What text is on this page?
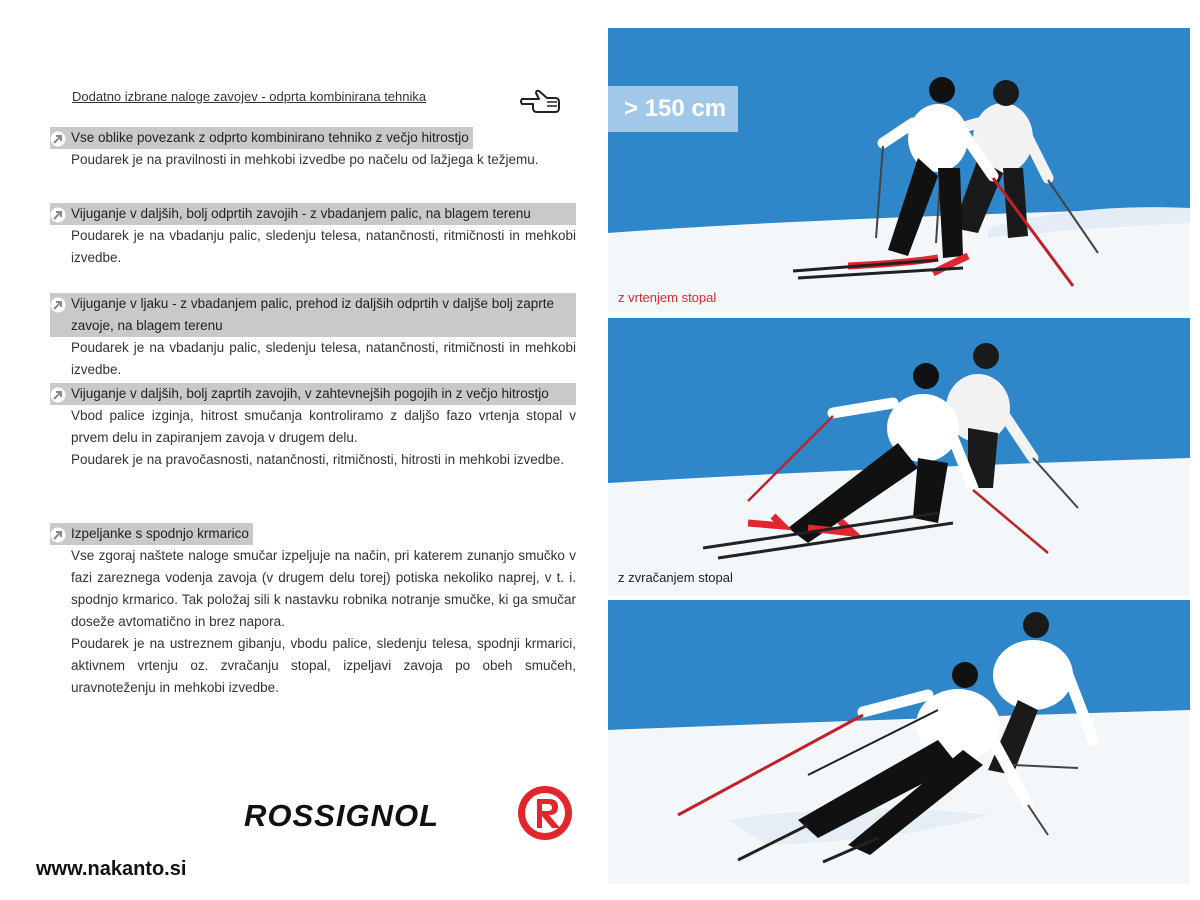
Dodatno izbrane naloge zavojev - odprta kombinirana tehnika
Vse oblike povezank z odprto kombinirano tehniko z večjo hitrostjo
Poudarek je na pravilnosti in mehkobi izvedbe po načelu od lažjega k težjemu.
Vijuganje v daljših, bolj odprtih zavojih - z vbadanjem palic, na blagem terenu
Poudarek je na vbadanju palic, sledenju telesa, natančnosti, ritmičnosti in mehkobi izvedbe.
Vijuganje v ljaku - z vbadanjem palic, prehod iz daljših odprtih v dalјše bolj zaprte zavoje, na blagem terenu
Poudarek je na vbadanju palic, sledenju telesa, natančnosti, ritmičnosti in mehkobi izvedbe.
Vijuganje v daljših, bolj zaprtih zavojih, v zahtevnejših pogojih in z večjo hitrostjo
Vbod palice izginja, hitrost smučanja kontroliramo z daljšo fazo vrtenja stopal v prvem delu in zapiranjem zavoja v drugem delu.
Poudarek je na pravočasnosti, natančnosti, ritmičnosti, hitrosti in mehkobi izvedbe.
Izpeljanke s spodnjo krmarico
Vse zgoraj naštete naloge smučar izpeljuje na način, pri katerem zunanjo smučko v fazi zareznega vodenja zavoja (v drugem delu torej) potiska nekoliko naprej, v t. i. spodnjo krmarico. Tak položaj sili k nastavku robnika notranje smučke, ki ga smučar doseže avtomatično in brez napora.
Poudarek je na ustreznem gibanju, vbodu palice, sledenju telesa, spodnji krmarici, aktivnem vrtenju oz. zvračanju stopal, izpeljavi zavoja po obeh smučeh, uravnoteženju in mehkobi izvedbe.
ROSSIGNOL
www.nakanto.si
> 150 cm
z vrtenjem stopal
z zvračanjem stopal
